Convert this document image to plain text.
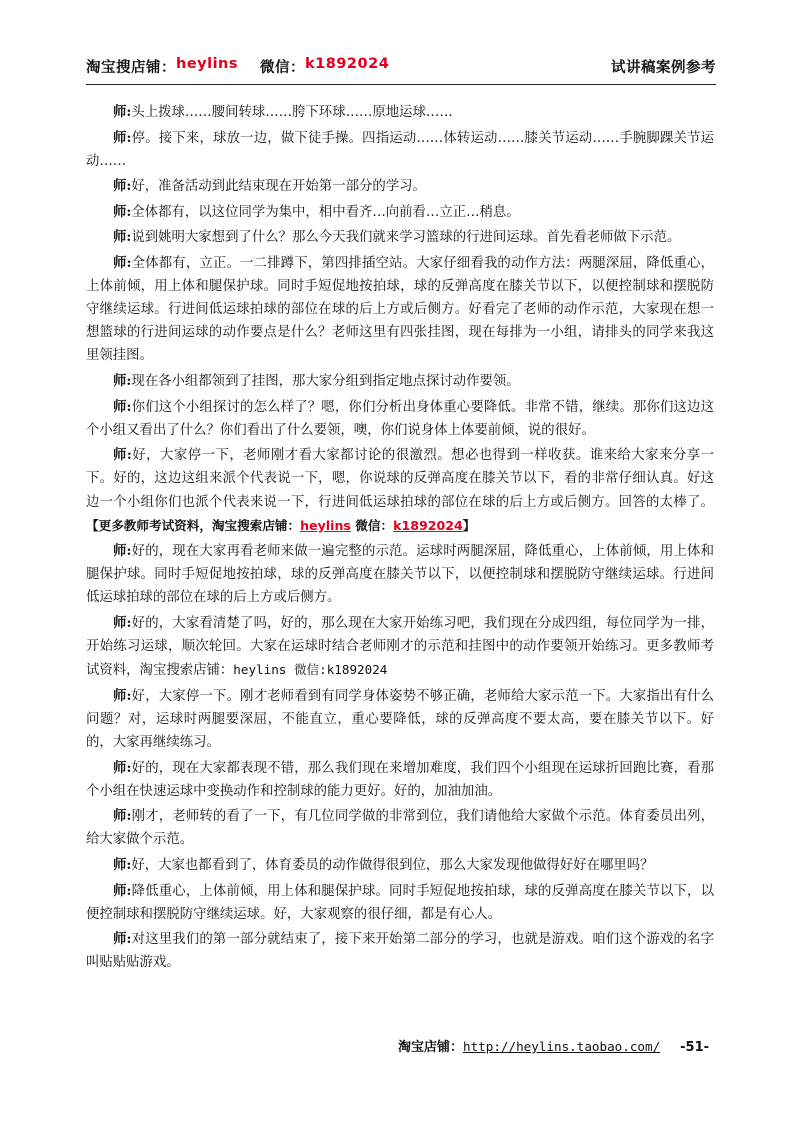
淘宝搜店铺： heylins 微信： k1892024	试讲稿案例参考

师:头上拨球……腰间转球……胯下环球……原地运球……

师:停。接下来，球放一边，做下徒手操。四指运动……体转运动……膝关节运动……手腕脚踝关节运动……

师:好，准备活动到此结束现在开始第一部分的学习。

师:全体都有，以这位同学为集中，相中看齐…向前看…立正…稍息。

师:说到姚明大家想到了什么？那么今天我们就来学习篮球的行进间运球。首先看老师做下示范。

师:全体都有，立正。一二排蹲下，第四排插空站。大家仔细看我的动作方法：两腿深屈，降低重心，上体前倾，用上体和腿保护球。同时手短促地按拍球，球的反弹高度在膝关节以下，以便控制球和摆脱防守继续运球。行进间低运球拍球的部位在球的后上方或后侧方。好看完了老师的动作示范，大家现在想一想篮球的行进间运球的动作要点是什么？老师这里有四张挂图，现在每排为一小组，请排头的同学来我这里领挂图。

师:现在各小组都领到了挂图，那大家分组到指定地点探讨动作要领。

师:你们这个小组探讨的怎么样了？嗯，你们分析出身体重心要降低。非常不错，继续。那你们这边这个小组又看出了什么？你们看出了什么要领，噢，你们说身体上体要前倾，说的很好。

师:好，大家停一下，老师刚才看大家都讨论的很激烈。想必也得到一样收获。谁来给大家来分享一下。好的，这边这组来派个代表说一下，嗯，你说球的反弹高度在膝关节以下，看的非常仔细认真。好这边一个小组你们也派个代表来说一下，行进间低运球拍球的部位在球的后上方或后侧方。回答的太棒了。【更多教师考试资料，淘宝搜索店铺：heylins 微信：k1892024】

师:好的，现在大家再看老师来做一遍完整的示范。运球时两腿深屈，降低重心，上体前倾，用上体和腿保护球。同时手短促地按拍球，球的反弹高度在膝关节以下，以便控制球和摆脱防守继续运球。行进间低运球拍球的部位在球的后上方或后侧方。

师:好的，大家看清楚了吗，好的，那么现在大家开始练习吧，我们现在分成四组，每位同学为一排，开始练习运球，顺次轮回。大家在运球时结合老师刚才的示范和挂图中的动作要领开始练习。更多教师考试资料，淘宝搜索店铺：heylins 微信:k1892024

师:好，大家停一下。刚才老师看到有同学身体姿势不够正确，老师给大家示范一下。大家指出有什么问题？对，运球时两腿要深屈，不能直立，重心要降低，球的反弹高度不要太高，要在膝关节以下。好的，大家再继续练习。

师:好的，现在大家都表现不错，那么我们现在来增加难度，我们四个小组现在运球折回跑比赛，看那个小组在快速运球中变换动作和控制球的能力更好。好的，加油加油。

师:刚才，老师转的看了一下，有几位同学做的非常到位，我们请他给大家做个示范。体育委员出列，给大家做个示范。

师:好，大家也都看到了，体育委员的动作做得很到位，那么大家发现他做得好好在哪里吗？

师:降低重心，上体前倾，用上体和腿保护球。同时手短促地按拍球，球的反弹高度在膝关节以下，以便控制球和摆脱防守继续运球。好，大家观察的很仔细，都是有心人。

师:对这里我们的第一部分就结束了，接下来开始第二部分的学习，也就是游戏。咱们这个游戏的名字叫贴贴贴游戏。

淘宝店铺：http://heylins.taobao.com/ -51-
